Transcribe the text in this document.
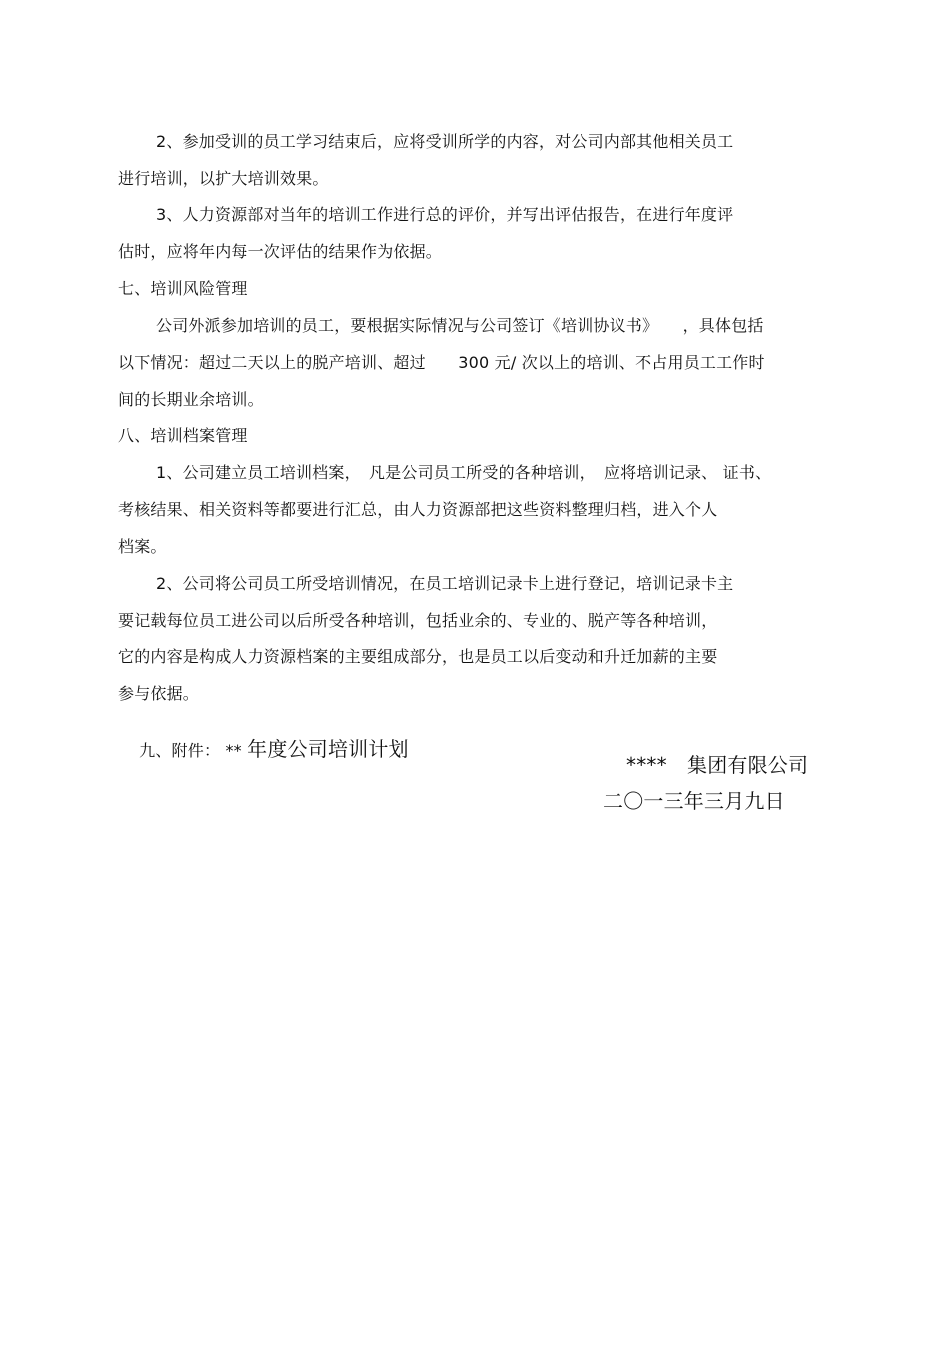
2、参加受训的员工学习结束后，应将受训所学的内容，对公司内部其他相关员工
进行培训，以扩大培训效果。
3、人力资源部对当年的培训工作进行总的评价，并写出评估报告，在进行年度评
估时，应将年内每一次评估的结果作为依据。
七、培训风险管理
公司外派参加培训的员工，要根据实际情况与公司签订《培训协议书》　　，具体包括
以下情况：超过二天以上的脱产培训、超过　　300 元/ 次以上的培训、不占用员工工作时
间的长期业余培训。
八、培训档案管理
1、公司建立员工培训档案，　凡是公司员工所受的各种培训，　应将培训记录、 证书、
考核结果、相关资料等都要进行汇总，由人力资源部把这些资料整理归档，进入个人
档案。
2、公司将公司员工所受培训情况，在员工培训记录卡上进行登记，培训记录卡主
要记载每位员工进公司以后所受各种培训，包括业余的、专业的、脱产等各种培训，
它的内容是构成人力资源档案的主要组成部分，也是员工以后变动和升迁加薪的主要
参与依据。

九、附件： ** 年度公司培训计划

****　集团有限公司
二〇一三年三月九日
